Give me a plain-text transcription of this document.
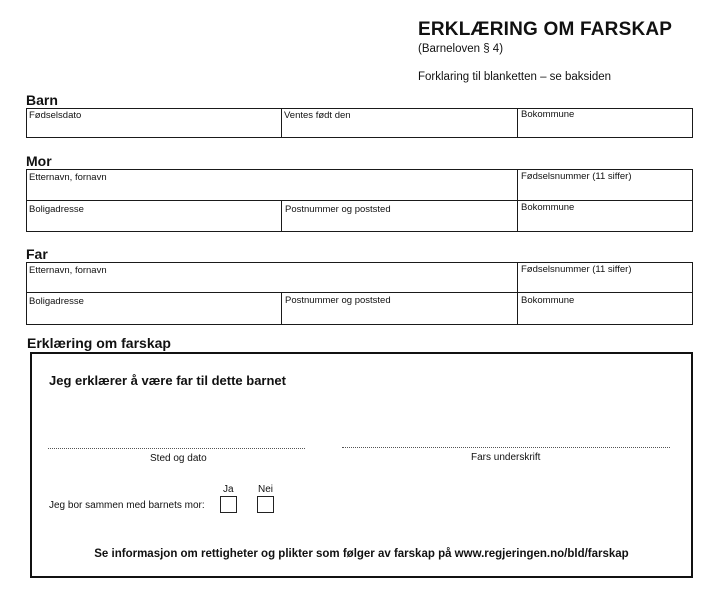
ERKLÆRING OM FARSKAP
(Barneloven § 4)
Forklaring til blanketten – se baksiden
Barn
Fødselsdato	Ventes født den	Bokommune
Mor
Etternavn, fornavn	Fødselsnummer (11 siffer)
Boligadresse	Postnummer og poststed	Bokommune
Far
Etternavn, fornavn	Fødselsnummer (11 siffer)
Boligadresse	Postnummer og poststed	Bokommune
Erklæring om farskap
Jeg erklærer å være far til dette barnet
Sted og dato	Fars underskrift
Jeg bor sammen med barnets mor:
Ja Nei
Se informasjon om rettigheter og plikter som følger av farskap på www.regjeringen.no/bld/farskap
